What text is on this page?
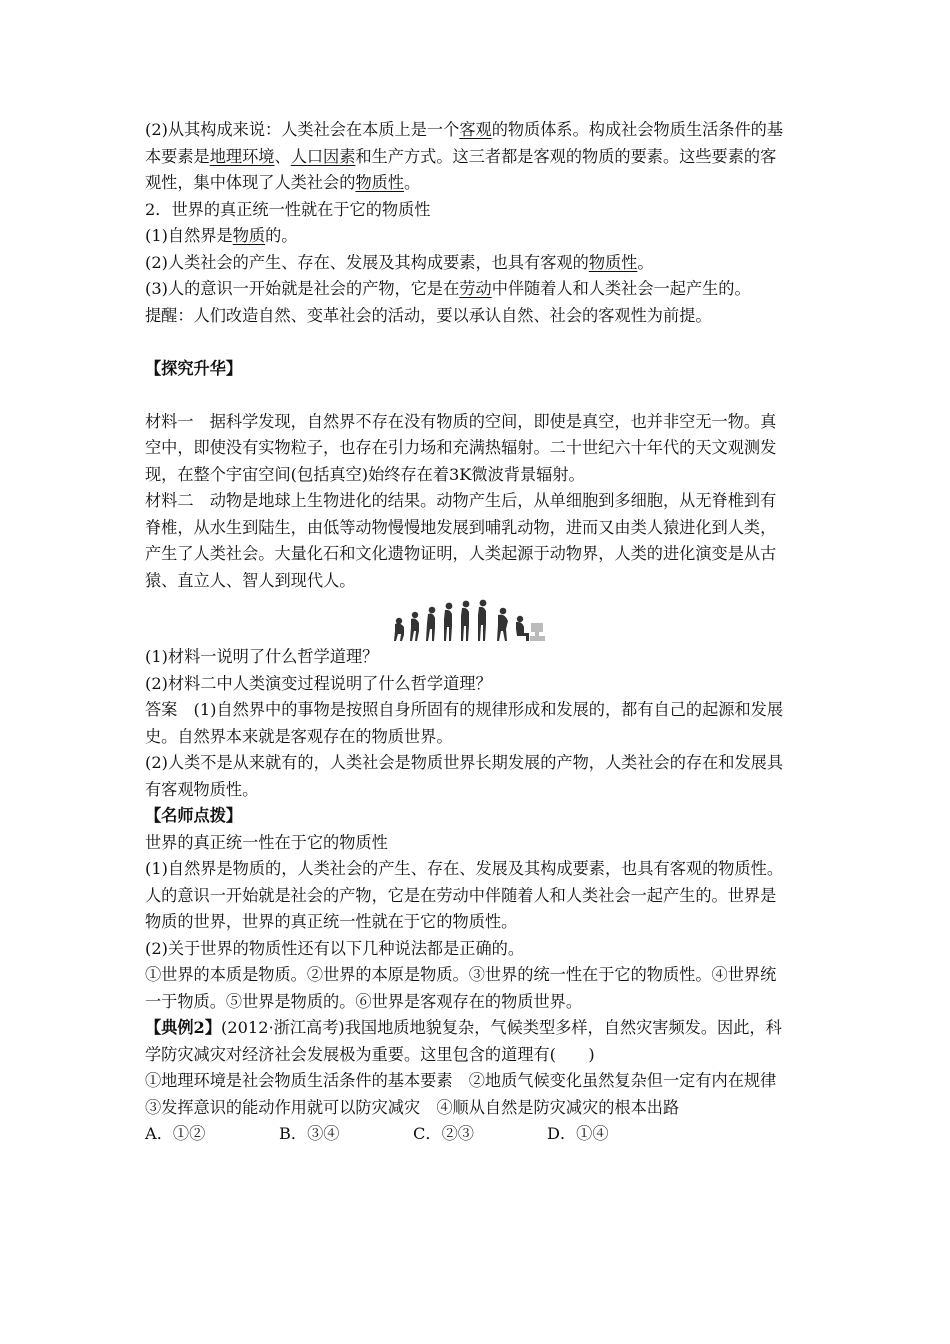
(2)从其构成来说：人类社会在本质上是一个客观的物质体系。构成社会物质生活条件的基
本要素是地理环境、人口因素和生产方式。这三者都是客观的物质的要素。这些要素的客
观性，集中体现了人类社会的物质性。
2．世界的真正统一性就在于它的物质性
(1)自然界是物质的。
(2)人类社会的产生、存在、发展及其构成要素，也具有客观的物质性。
(3)人的意识一开始就是社会的产物，它是在劳动中伴随着人和人类社会一起产生的。
提醒：人们改造自然、变革社会的活动，要以承认自然、社会的客观性为前提。
【探究升华】
材料一　据科学发现，自然界不存在没有物质的空间，即使是真空，也并非空无一物。真
空中，即使没有实物粒子，也存在引力场和充满热辐射。二十世纪六十年代的天文观测发
现，在整个宇宙空间(包括真空)始终存在着3K微波背景辐射。
材料二　动物是地球上生物进化的结果。动物产生后，从单细胞到多细胞，从无脊椎到有
脊椎，从水生到陆生，由低等动物慢慢地发展到哺乳动物，进而又由类人猿进化到人类，
产生了人类社会。大量化石和文化遗物证明，人类起源于动物界，人类的进化演变是从古
猿、直立人、智人到现代人。
(1)材料一说明了什么哲学道理？
(2)材料二中人类演变过程说明了什么哲学道理？
答案　(1)自然界中的事物是按照自身所固有的规律形成和发展的，都有自己的起源和发展
史。自然界本来就是客观存在的物质世界。
(2)人类不是从来就有的，人类社会是物质世界长期发展的产物，人类社会的存在和发展具
有客观物质性。
【名师点拨】
世界的真正统一性在于它的物质性
(1)自然界是物质的，人类社会的产生、存在、发展及其构成要素，也具有客观的物质性。
人的意识一开始就是社会的产物，它是在劳动中伴随着人和人类社会一起产生的。世界是
物质的世界，世界的真正统一性就在于它的物质性。
(2)关于世界的物质性还有以下几种说法都是正确的。
①世界的本质是物质。②世界的本原是物质。③世界的统一性在于它的物质性。④世界统
一于物质。⑤世界是物质的。⑥世界是客观存在的物质世界。
【典例2】(2012·浙江高考)我国地质地貌复杂，气候类型多样，自然灾害频发。因此，科
学防灾减灾对经济社会发展极为重要。这里包含的道理有(　　)
①地理环境是社会物质生活条件的基本要素　②地质气候变化虽然复杂但一定有内在规律
③发挥意识的能动作用就可以防灾减灾　④顺从自然是防灾减灾的根本出路
A．①②	B．③④	C．②③	D．①④
